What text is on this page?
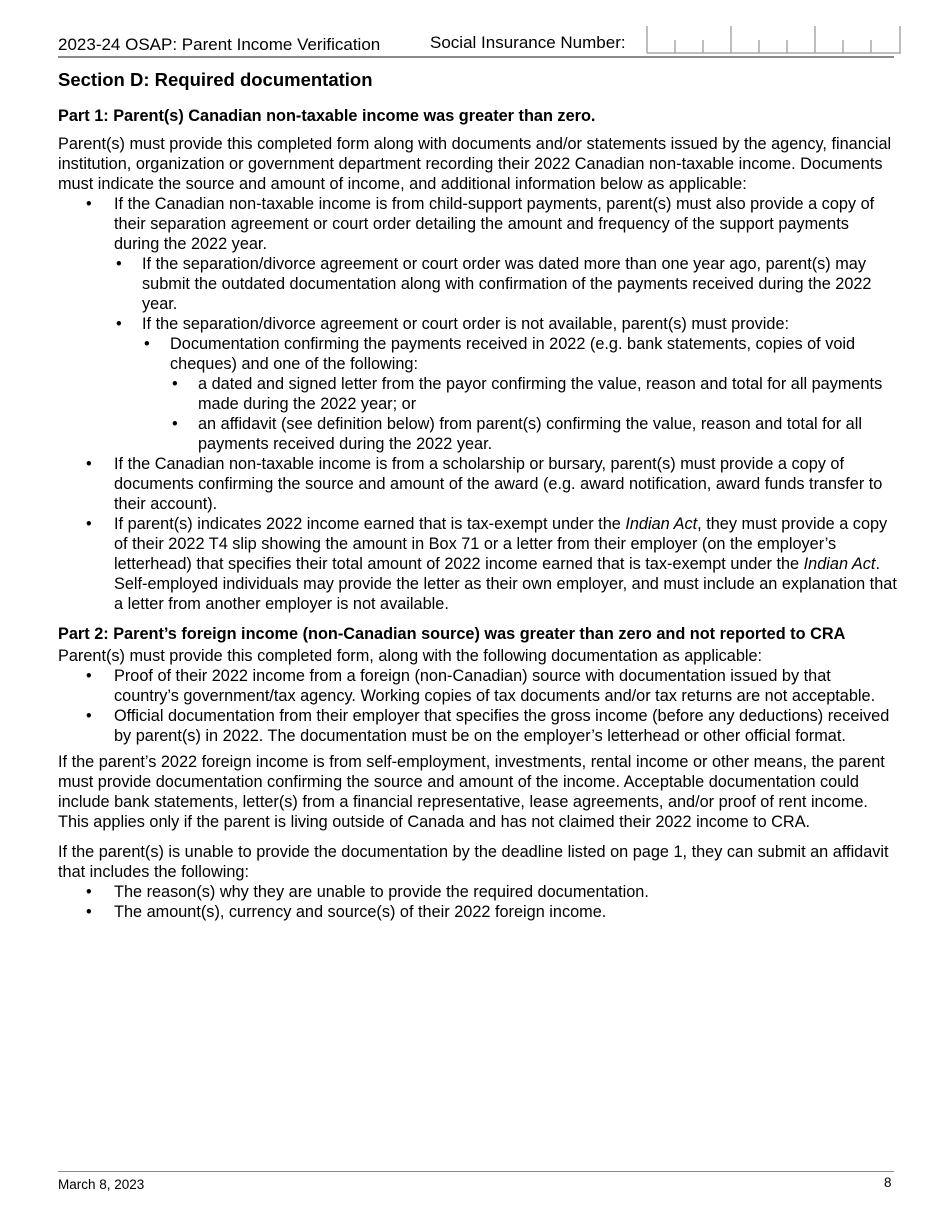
2023-24 OSAP: Parent Income Verification	Social Insurance Number:
Section D: Required documentation
Part 1: Parent(s) Canadian non-taxable income was greater than zero.

Parent(s) must provide this completed form along with documents and/or statements issued by the agency, financial institution, organization or government department recording their 2022 Canadian non-taxable income. Documents must indicate the source and amount of income, and additional information below as applicable:

• If the Canadian non-taxable income is from child-support payments, parent(s) must also provide a copy of their separation agreement or court order detailing the amount and frequency of the support payments during the 2022 year.
• If the separation/divorce agreement or court order was dated more than one year ago, parent(s) may submit the outdated documentation along with confirmation of the payments received during the 2022 year.
• If the separation/divorce agreement or court order is not available, parent(s) must provide:
• Documentation confirming the payments received in 2022 (e.g. bank statements, copies of void cheques) and one of the following:
• a dated and signed letter from the payor confirming the value, reason and total for all payments made during the 2022 year; or
• an affidavit (see definition below) from parent(s) confirming the value, reason and total for all payments received during the 2022 year.
• If the Canadian non-taxable income is from a scholarship or bursary, parent(s) must provide a copy of documents confirming the source and amount of the award (e.g. award notification, award funds transfer to their account).
• If parent(s) indicates 2022 income earned that is tax-exempt under the Indian Act, they must provide a copy of their 2022 T4 slip showing the amount in Box 71 or a letter from their employer (on the employer’s letterhead) that specifies their total amount of 2022 income earned that is tax-exempt under the Indian Act. Self-employed individuals may provide the letter as their own employer, and must include an explanation that a letter from another employer is not available.
Part 2: Parent’s foreign income (non-Canadian source) was greater than zero and not reported to CRA

Parent(s) must provide this completed form, along with the following documentation as applicable:

• Proof of their 2022 income from a foreign (non-Canadian) source with documentation issued by that country’s government/tax agency. Working copies of tax documents and/or tax returns are not acceptable.
• Official documentation from their employer that specifies the gross income (before any deductions) received by parent(s) in 2022. The documentation must be on the employer’s letterhead or other official format.

If the parent’s 2022 foreign income is from self-employment, investments, rental income or other means, the parent must provide documentation confirming the source and amount of the income. Acceptable documentation could include bank statements, letter(s) from a financial representative, lease agreements, and/or proof of rent income. This applies only if the parent is living outside of Canada and has not claimed their 2022 income to CRA.

If the parent(s) is unable to provide the documentation by the deadline listed on page 1, they can submit an affidavit that includes the following:

• The reason(s) why they are unable to provide the required documentation.
• The amount(s), currency and source(s) of their 2022 foreign income.
March 8, 2023	8
